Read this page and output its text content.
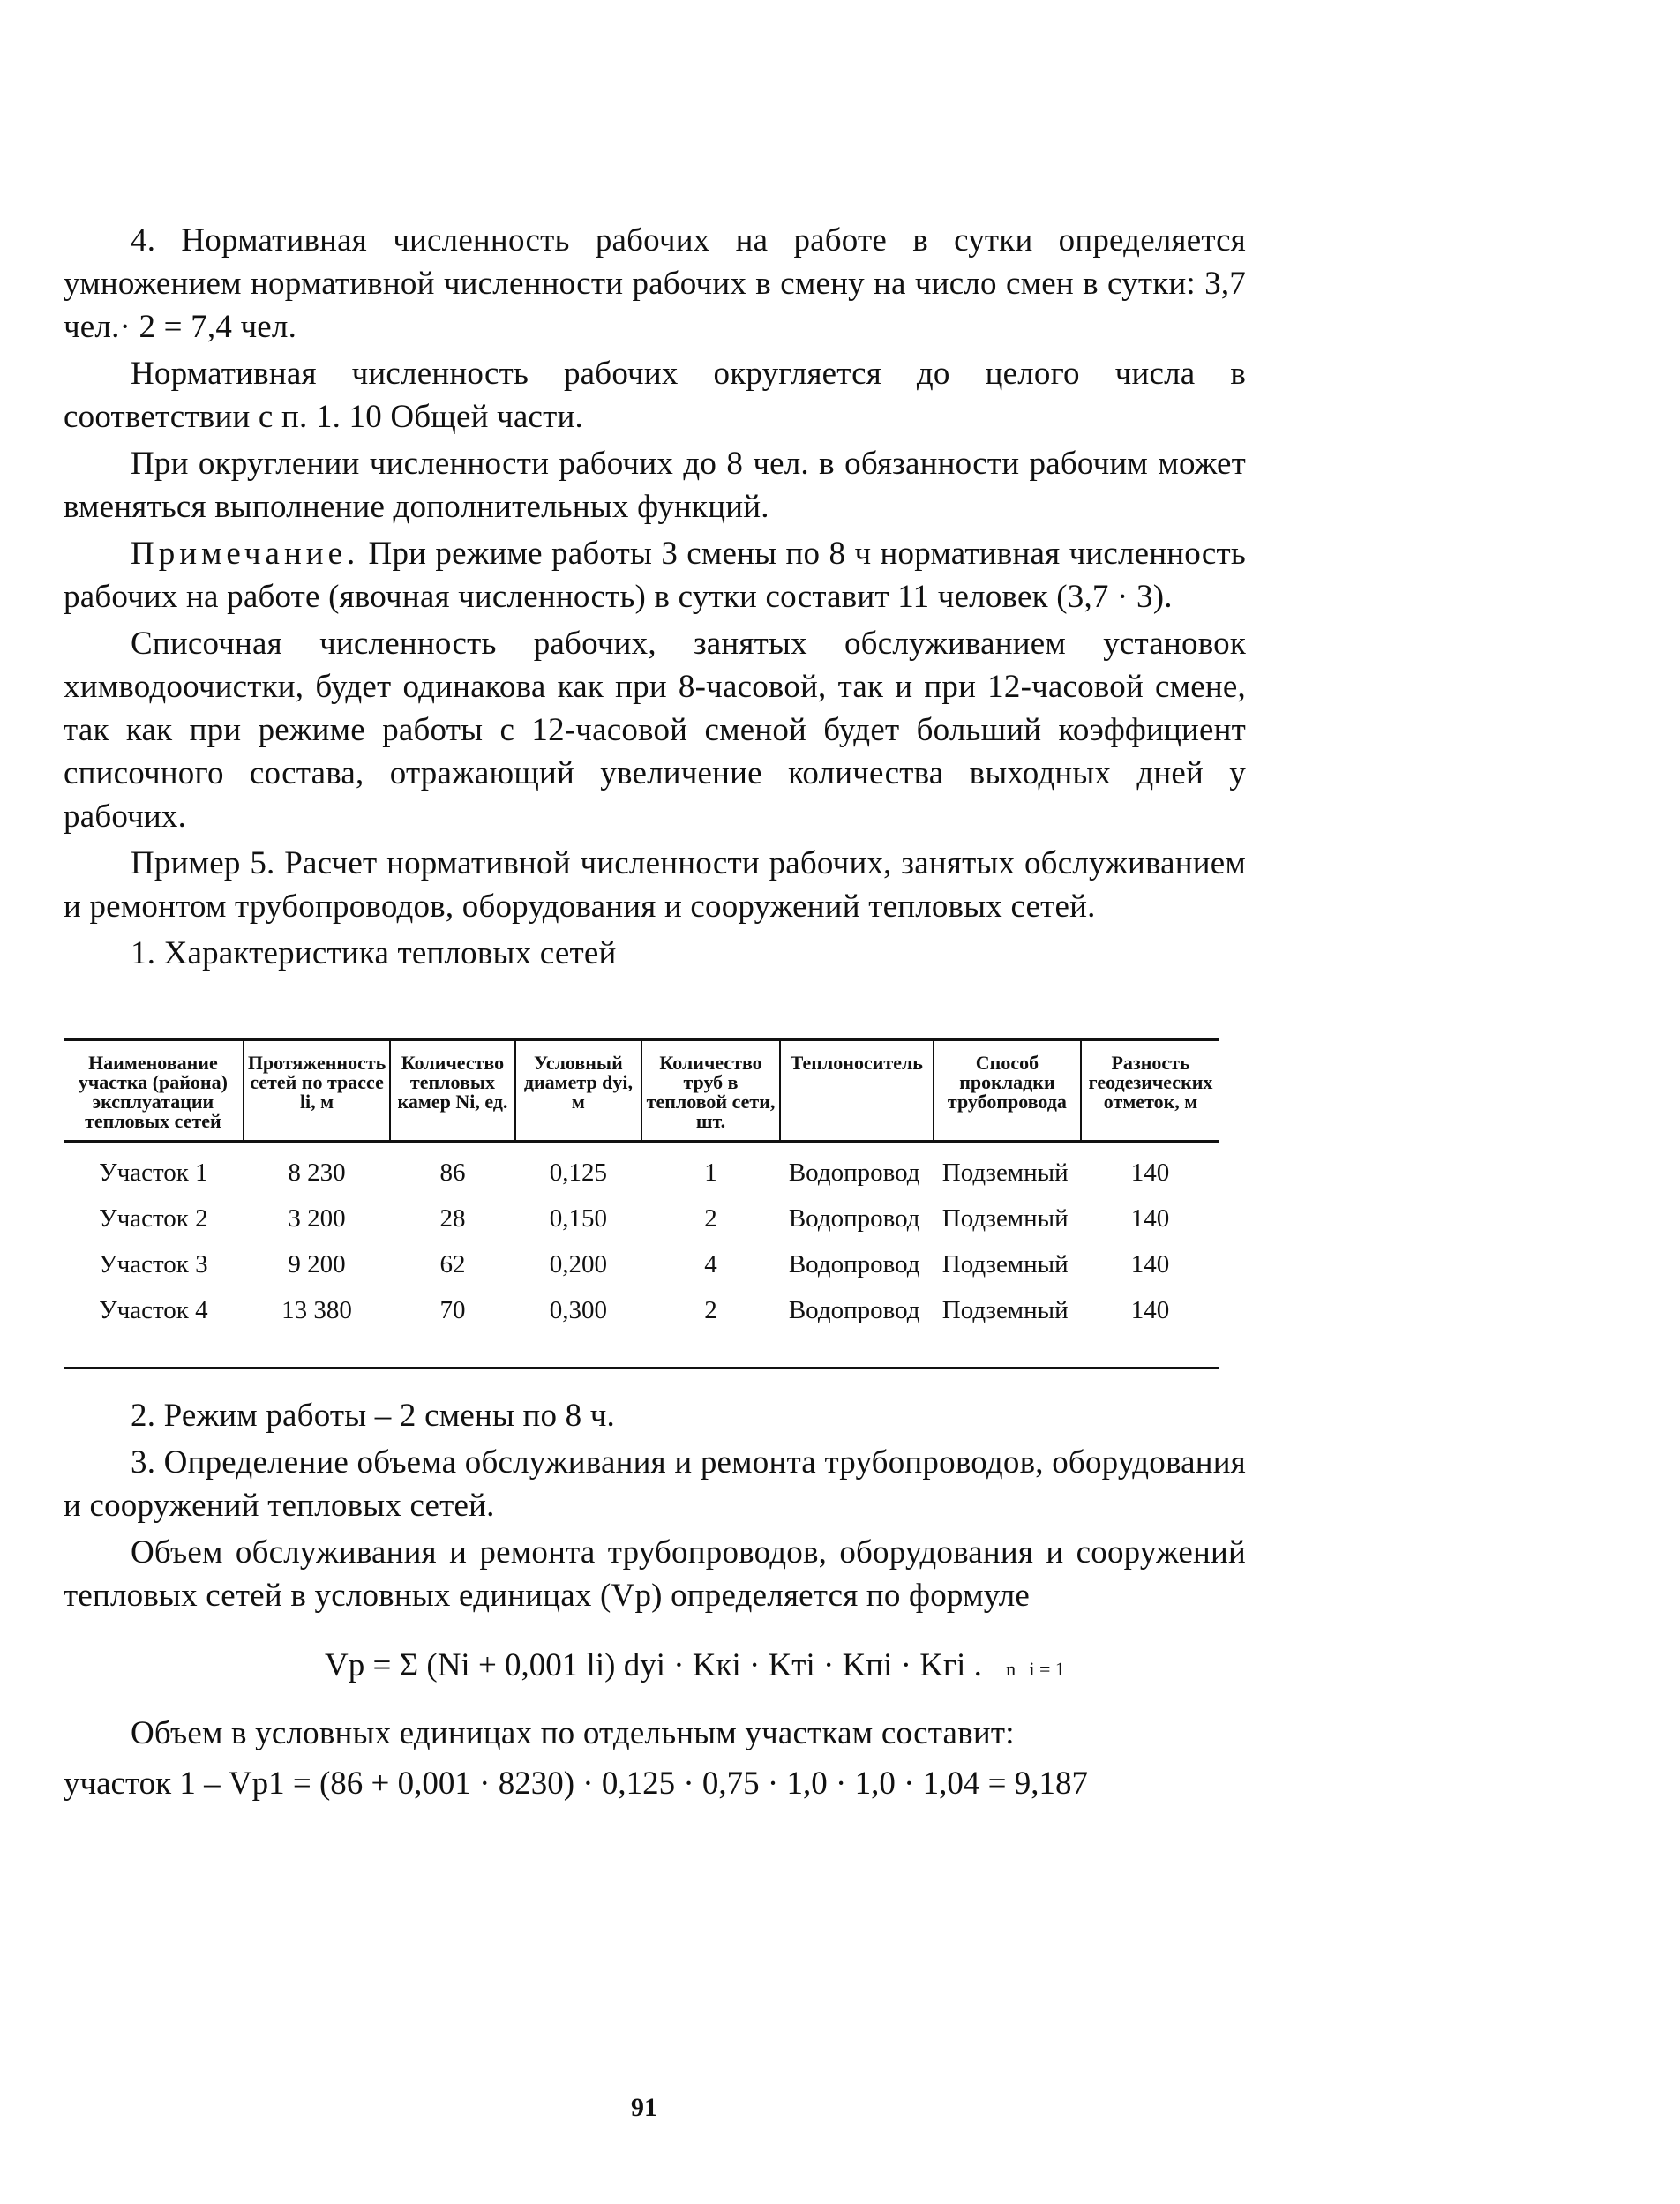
4. Нормативная численность рабочих на работе в сутки определяется умножением нормативной численности рабочих в смену на число смен в сутки: 3,7 чел.· 2 = 7,4 чел.

Нормативная численность рабочих округляется до целого числа в соответствии с п. 1. 10 Общей части.

При округлении численности рабочих до 8 чел. в обязанности рабочим может вменяться выполнение дополнительных функций.

Примечание. При режиме работы 3 смены по 8 ч нормативная численность рабочих на работе (явочная численность) в сутки составит 11 человек (3,7 · 3).

Списочная численность рабочих, занятых обслуживанием установок химводоочистки, будет одинакова как при 8-часовой, так и при 12-часовой смене, так как при режиме работы с 12-часовой сменой будет больший коэффициент списочного состава, отражающий увеличение количества выходных дней у рабочих.

Пример 5. Расчет нормативной численности рабочих, занятых обслуживанием и ремонтом трубопроводов, оборудования и сооружений тепловых сетей.

1. Характеристика тепловых сетей

Наименование участка (района) эксплуатации тепловых сетей	Протяженность сетей по трассе lі, м	Количество тепловых камер Nі, ед.	Условный диаметр dуі, м	Количество труб в тепловой сети, шт.	Теплоноситель	Способ прокладки трубопровода	Разность геодезических отметок, м
Участок 1	8 230	86	0,125	1	Водопровод	Подземный	140
Участок 2	3 200	28	0,150	2	Водопровод	Подземный	140
Участок 3	9 200	62	0,200	4	Водопровод	Подземный	140
Участок 4	13 380	70	0,300	2	Водопровод	Подземный	140

2. Режим работы – 2 смены по 8 ч.

3. Определение объема обслуживания и ремонта трубопроводов, оборудования и сооружений тепловых сетей.

Объем обслуживания и ремонта трубопроводов, оборудования и сооружений тепловых сетей в условных единицах (Vр) определяется по формуле

Vр = Σ (Nі + 0,001 lі) dуі · Kкі · Kті · Kпі · Kгі . n і = 1

Объем в условных единицах по отдельным участкам составит:

участок 1 – Vр1 = (86 + 0,001 · 8230) · 0,125 · 0,75 · 1,0 · 1,0 · 1,04 = 9,187
91
